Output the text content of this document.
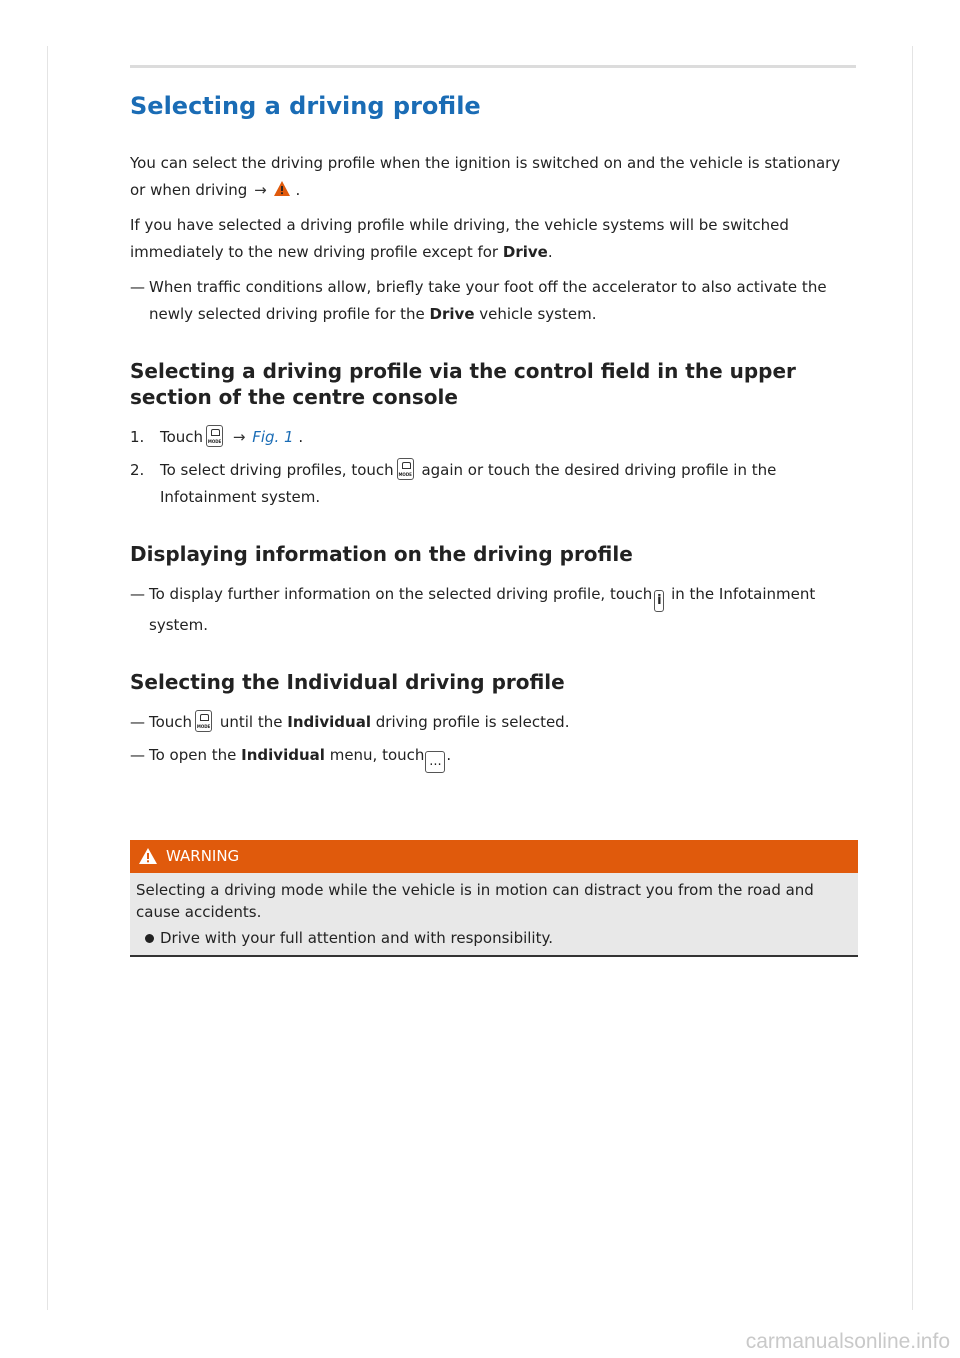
Selecting a driving profile

You can select the driving profile when the ignition is switched on and the vehicle is stationary or when driving → .

If you have selected a driving profile while driving, the vehicle systems will be switched immediately to the new driving profile except for Drive.

— When traffic conditions allow, briefly take your foot off the accelerator to also activate the newly selected driving profile for the Drive vehicle system.
Selecting a driving profile via the control field in the upper section of the centre console
1. Touch MODE → Fig. 1 .
2. To select driving profiles, touch MODE again or touch the desired driving profile in the Infotainment system.
Displaying information on the driving profile
— To display further information on the selected driving profile, touch i in the Infotainment system.
Selecting the Individual driving profile
— Touch MODE until the Individual driving profile is selected.
— To open the Individual menu, touch ... .
WARNING

Selecting a driving mode while the vehicle is in motion can distract you from the road and cause accidents.

Drive with your full attention and with responsibility.
carmanualsonline.info
